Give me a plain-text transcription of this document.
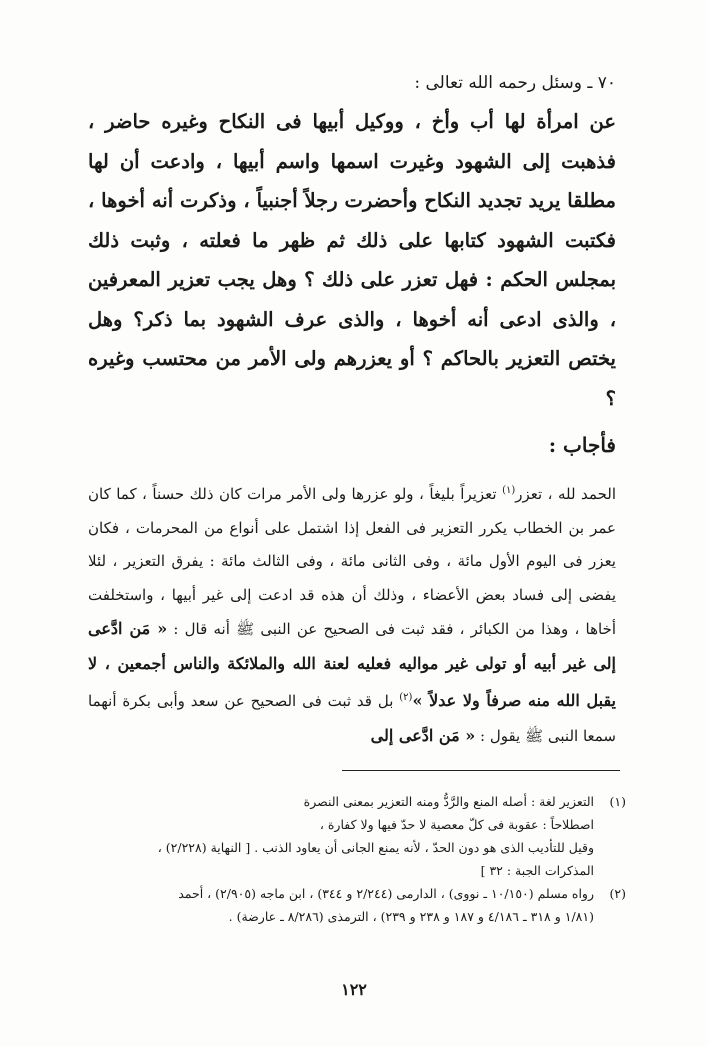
٧٠ ـ وسئل رحمه الله تعالى :

عن امرأة لها أب وأخ ، ووكيل أبيها فى النكاح وغيره حاضر ، فذهبت إلى الشهود وغيرت اسمها واسم أبيها ، وادعت أن لها مطلقا يريد تجديد النكاح وأحضرت رجلاً أجنبياً ، وذكرت أنه أخوها ، فكتبت الشهود كتابها على ذلك ثم ظهر ما فعلته ، وثبت ذلك بمجلس الحكم : فهل تعزر على ذلك ؟ وهل يجب تعزير المعرفين ، والذى ادعى أنه أخوها ، والذى عرف الشهود بما ذكر؟ وهل يختص التعزير بالحاكم ؟ أو يعزرهم ولى الأمر من محتسب وغيره ؟

فأجاب :

الحمد لله ، تعزر$^{(١)}$ تعزيراً بليغاً ، ولو عزرها ولى الأمر مرات كان ذلك حسناً ، كما كان عمر بن الخطاب يكرر التعزير فى الفعل إذا اشتمل على أنواع من المحرمات ، فكان يعزر فى اليوم الأول مائة ، وفى الثانى مائة ، وفى الثالث مائة : يفرق التعزير ، لئلا يفضى إلى فساد بعض الأعضاء ، وذلك أن هذه قد ادعت إلى غير أبيها ، واستخلفت أخاها ، وهذا من الكبائر ، فقد ثبت فى الصحيح عن النبى ﷺ أنه قال : « مَن ادَّعى إلى غير أبيه أو تولى غير مواليه فعليه لعنة الله والملائكة والناس أجمعين ، لا يقبل الله منه صرفاً ولا عدلاً »$^{(٢)}$ بل قد ثبت فى الصحيح عن سعد وأبى بكرة أنهما سمعا النبى ﷺ يقول : « مَن ادَّعى إلى

(١)
التعزير لغة : أصله المنع والرَّدُّ ومنه التعزير بمعنى النصرة
اصطلاحاً : عقوبة فى كلّ معصية لا حدّ فيها ولا كفارة ،
وقيل للتأديب الذى هو دون الحدّ ، لأنه يمنع الجانى أن يعاود الذنب . [ النهاية (٢/٢٢٨) ،
المذكرات الجبة : ٣٢ ]
(٢)
رواه مسلم (١٠/١٥٠ ـ نووى) ، الدارمى (٢/٢٤٤ و ٣٤٤) ، ابن ماجه (٢/٩٠٥) ، أحمد
(١/٨١ و ٣١٨ ـ ٤/١٨٦ و ١٨٧ و ٢٣٨ و ٢٣٩) ، الترمذى (٨/٢٨٦ ـ عارضة) .
١٢٢
